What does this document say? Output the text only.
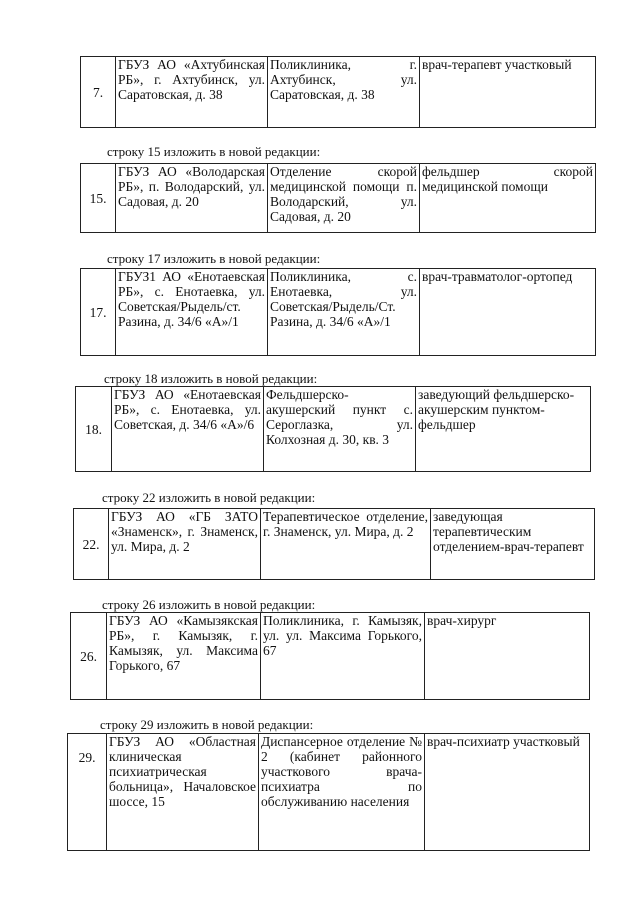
7.	ГБУЗ АО «Ахтубинская РБ», г. Ахтубинск, ул. Саратовская, д. 38	Поликлиника, г. Ахтубинск, ул. Саратовская, д. 38	врач-терапевт участковый
строку 15 изложить в новой редакции:
15.	ГБУЗ АО «Володарская РБ», п. Володарский, ул. Садовая, д. 20	Отделение скорой медицинской помощи п. Володарский, ул. Садовая, д. 20	фельдшер скорой медицинской помощи
строку 17 изложить в новой редакции:
17.	ГБУЗ1 АО «Енотаевская РБ», с. Енотаевка, ул. Советская/Рыдель/ст. Разина, д. 34/6 «А»/1	Поликлиника, с. Енотаевка, ул. Советская/Рыдель/Ст. Разина, д. 34/6 «А»/1	врач-травматолог-ортопед
строку 18 изложить в новой редакции:
18.	ГБУЗ АО «Енотаевская РБ», с. Енотаевка, ул. Советская, д. 34/6 «А»/6	Фельдшерско-акушерский пункт с. Сероглазка, ул. Колхозная д. 30, кв. 3	заведующий фельдшерско-акушерским пунктом-фельдшер
строку 22 изложить в новой редакции:
22.	ГБУЗ АО «ГБ ЗАТО «Знаменск», г. Знаменск, ул. Мира, д. 2	Терапевтическое отделение, г. Знаменск, ул. Мира, д. 2	заведующая терапевтическим отделением-врач-терапевт
строку 26 изложить в новой редакции:
26.	ГБУЗ АО «Камызякская РБ», г. Камызяк, г. Камызяк, ул. Максима Горького, 67	Поликлиника, г. Камызяк, ул. ул. Максима Горького, 67	врач-хирург
строку 29 изложить в новой редакции:
29.	ГБУЗ АО «Областная клиническая психиатрическая больница», Началовское шоссе, 15	Диспансерное отделение № 2 (кабинет районного участкового врача-психиатра по обслуживанию населения	врач-психиатр участковый
